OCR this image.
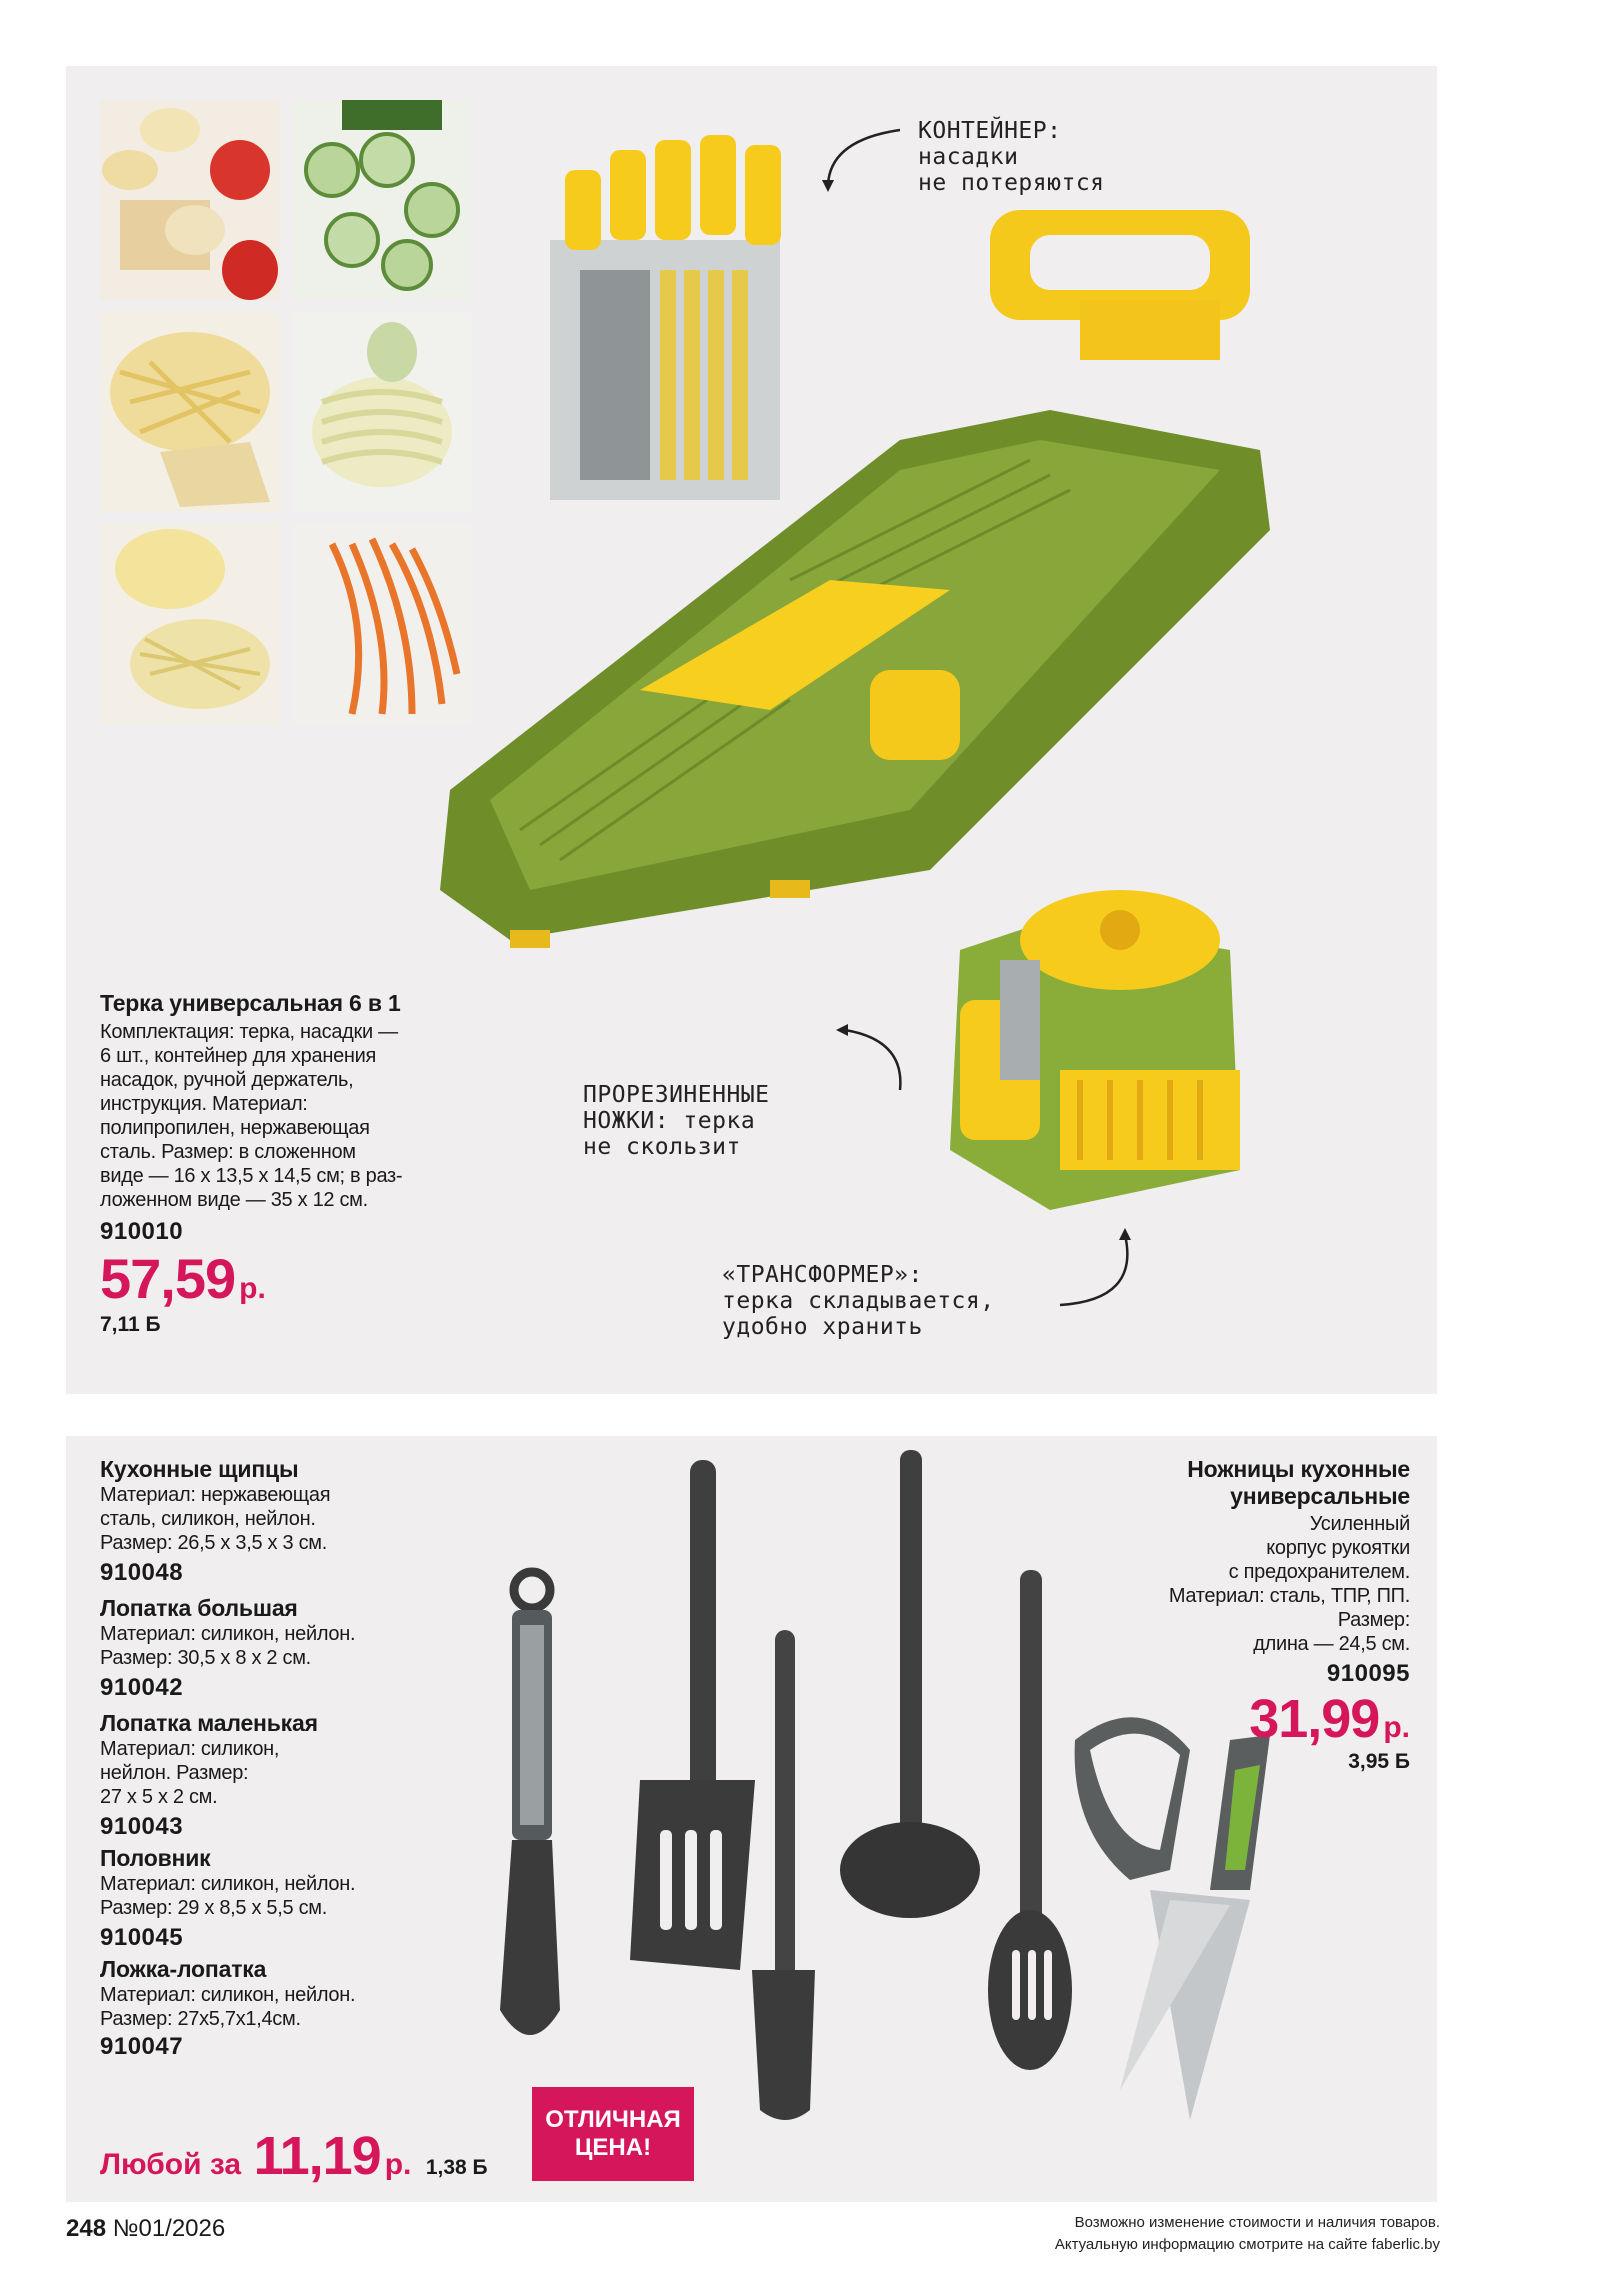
КОНТЕЙНЕР:
насадки
не потеряются
ПРОРЕЗИНЕННЫЕ
НОЖКИ: терка
не скользит
«ТРАНСФОРМЕР»:
терка складывается,
удобно хранить
Терка универсальная 6 в 1
Комплектация: терка, насадки —
6 шт., контейнер для хранения
насадок, ручной держатель,
инструкция. Материал:
полипропилен, нержавеющая
сталь. Размер: в сложенном
виде — 16 х 13,5 х 14,5 см; в раз-
ложенном виде — 35 х 12 см.
910010
57,59 р.
7,11 Б
Кухонные щипцы
Материал: нержавеющая
сталь, силикон, нейлон.
Размер: 26,5 х 3,5 х 3 см.
910048
Лопатка большая
Материал: силикон, нейлон.
Размер: 30,5 х 8 х 2 см.
910042
Лопатка маленькая
Материал: силикон,
нейлон. Размер:
27 х 5 х 2 см.
910043
Половник
Материал: силикон, нейлон.
Размер: 29 х 8,5 х 5,5 см.
910045
Ложка-лопатка
Материал: силикон, нейлон.
Размер: 27х5,7х1,4см.
910047
Любой за 11,19 р. 1,38 Б
ОТЛИЧНАЯ
ЦЕНА!
Ножницы кухонные
универсальные
Усиленный
корпус рукоятки
с предохранителем.
Материал: сталь, ТПР, ПП.
Размер:
длина — 24,5 см.
910095
31,99 р.
3,95 Б
248 №01/2026	Возможно изменение стоимости и наличия товаров.
Актуальную информацию смотрите на сайте faberlic.by
